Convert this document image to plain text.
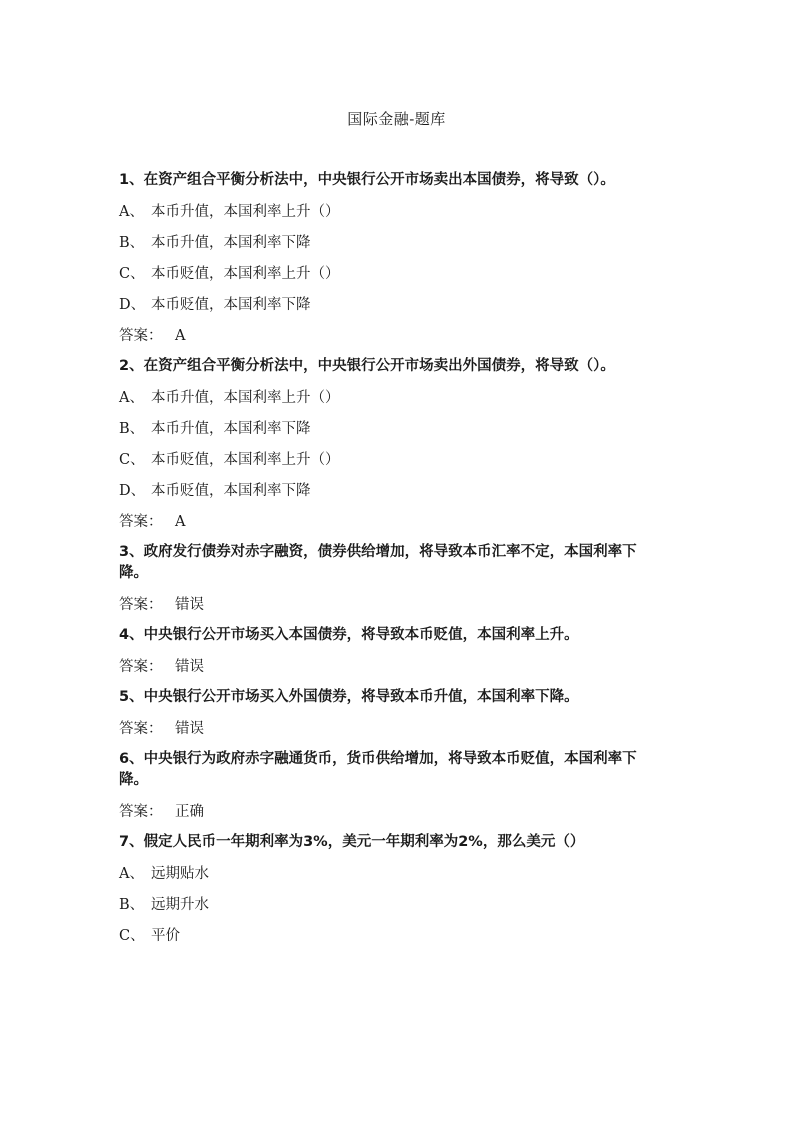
国际金融-题库

1、在资产组合平衡分析法中，中央银行公开市场卖出本国债券，将导致（）。

A、 本币升值，本国利率上升（）
B、 本币升值，本国利率下降
C、 本币贬值，本国利率上升（）
D、 本币贬值，本国利率下降
答案： A

2、在资产组合平衡分析法中，中央银行公开市场卖出外国债券，将导致（）。

A、 本币升值，本国利率上升（）
B、 本币升值，本国利率下降
C、 本币贬值，本国利率上升（）
D、 本币贬值，本国利率下降
答案： A

3、政府发行债券对赤字融资，债券供给增加，将导致本币汇率不定，本国利率下降。

答案： 错误

4、中央银行公开市场买入本国债券，将导致本币贬值，本国利率上升。

答案： 错误

5、中央银行公开市场买入外国债券，将导致本币升值，本国利率下降。

答案： 错误

6、中央银行为政府赤字融通货币，货币供给增加，将导致本币贬值，本国利率下降。

答案： 正确

7、假定人民币一年期利率为3%，美元一年期利率为2%，那么美元（）

A、 远期贴水
B、 远期升水
C、 平价
